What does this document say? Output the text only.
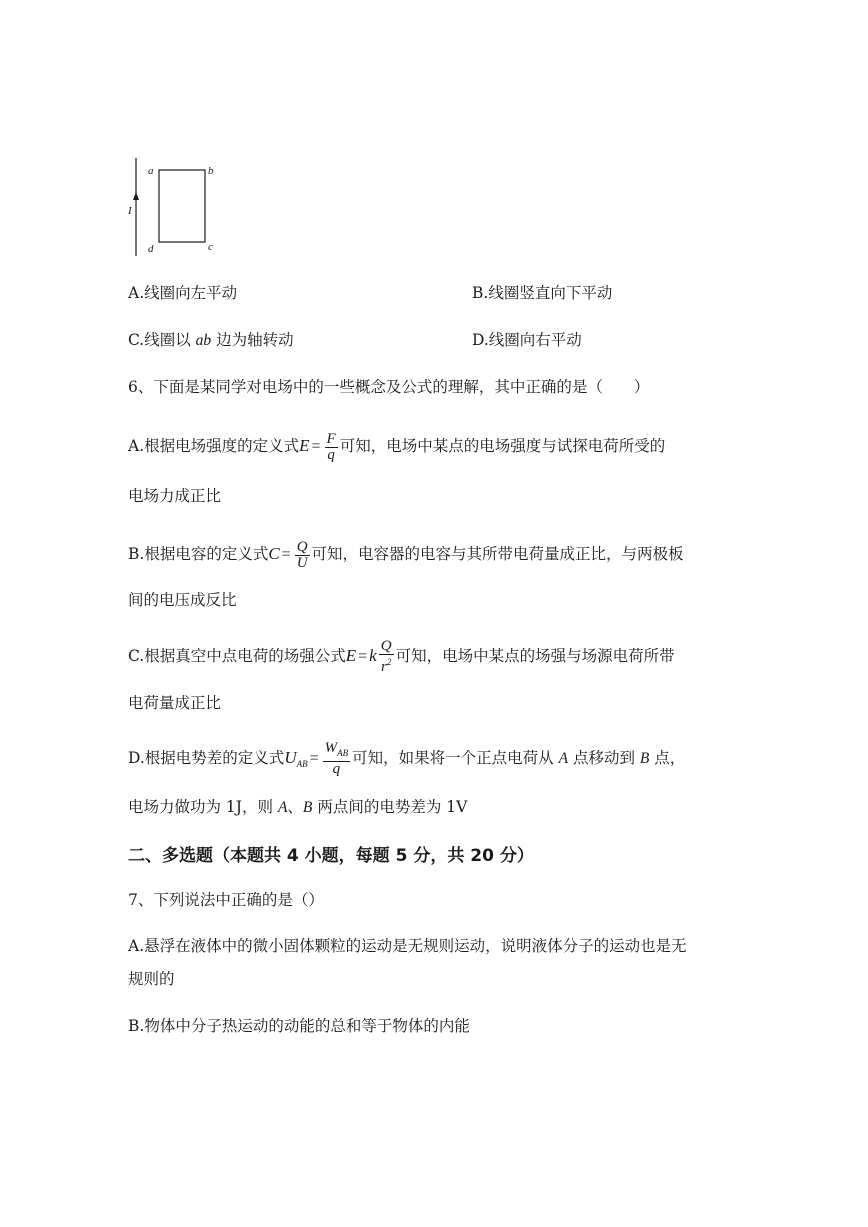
I
a	b
c
d
A.线圈向左平动	B.线圈竖直向下平动
C.线圈以 ab 边为轴转动	D.线圈向右平动
6、下面是某同学对电场中的一些概念及公式的理解，其中正确的是（　　）
A.根据电场强度的定义式$E = \frac{F}{q}$ 可知，电场中某点的电场强度与试探电荷所受的
电场力成正比
B.根据电容的定义式$C = \frac{Q}{U}$ 可知，电容器的电容与其所带电荷量成正比，与两极板
间的电压成反比
C.根据真空中点电荷的场强公式E = k $\frac{Q}{r^2}$ 可知，电场中某点的场强与场源电荷所带
电荷量成正比
D.根据电势差的定义式$U_{AB} = \frac{W_{AB}}{q}$ 可知，如果将一个正点电荷从 A 点移动到 B 点，
电场力做功为 1J，则 A、B 两点间的电势差为 1V
二、多选题（本题共 4 小题，每题 5 分，共 20 分）
7、下列说法中正确的是（）
A.悬浮在液体中的微小固体颗粒的运动是无规则运动，说明液体分子的运动也是无
规则的
B.物体中分子热运动的动能的总和等于物体的内能
